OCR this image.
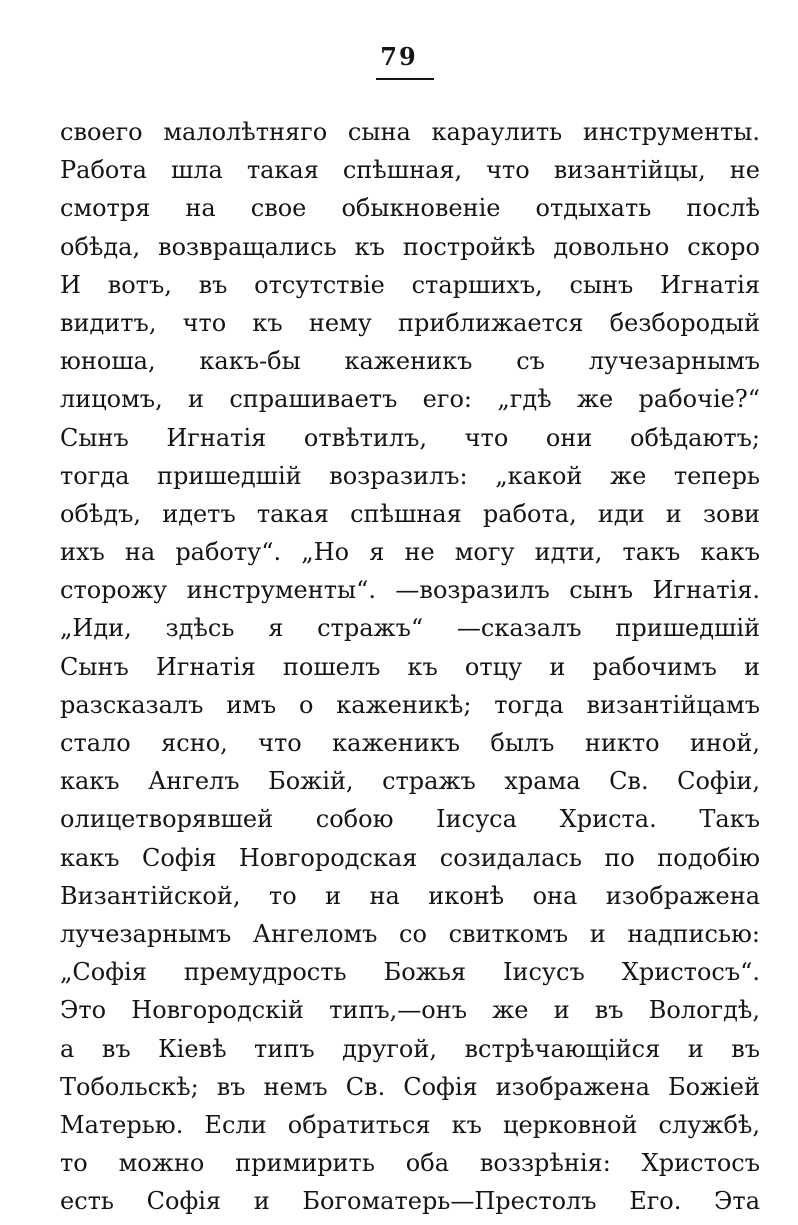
79
своего малолѣтняго сына караулить инструменты.
Работа шла такая спѣшная, что византійцы, не
смотря на свое обыкновеніе отдыхать послѣ
обѣда, возвращались къ постройкѣ довольно скоро
И вотъ, въ отсутствіе старшихъ, сынъ Игнатія
видитъ, что къ нему приближается безбородый
юноша, какъ-бы каженикъ съ лучезарнымъ
лицомъ, и спрашиваетъ его: „гдѣ же рабочіе?“
Сынъ Игнатія отвѣтилъ, что они обѣдаютъ;
тогда пришедшій возразилъ: „какой же теперь
обѣдъ, идетъ такая спѣшная работа, иди и зови
ихъ на работу“. „Но я не могу идти, такъ какъ
сторожу инструменты“. —возразилъ сынъ Игнатія.
„Иди, здѣсь я стражъ“ —сказалъ пришедшій
Сынъ Игнатія пошелъ къ отцу и рабочимъ и
разсказалъ имъ о каженикѣ; тогда византійцамъ
стало ясно, что каженикъ былъ никто иной,
какъ Ангелъ Божій, стражъ храма Св. Софіи,
олицетворявшей собою Іисуса Христа. Такъ
какъ Софія Новгородская созидалась по подобію
Византійской, то и на иконѣ она изображена
лучезарнымъ Ангеломъ со свиткомъ и надписью:
„Софія премудрость Божья Іисусъ Христосъ“.
Это Новгородскій типъ,—онъ же и въ Вологдѣ,
а въ Кіевѣ типъ другой, встрѣчающійся и въ
Тобольскѣ; въ немъ Св. Софія изображена Божіей
Матерью. Если обратиться къ церковной службѣ,
то можно примирить оба воззрѣнія: Христосъ
есть Софія и Богоматерь—Престолъ Его. Эта
